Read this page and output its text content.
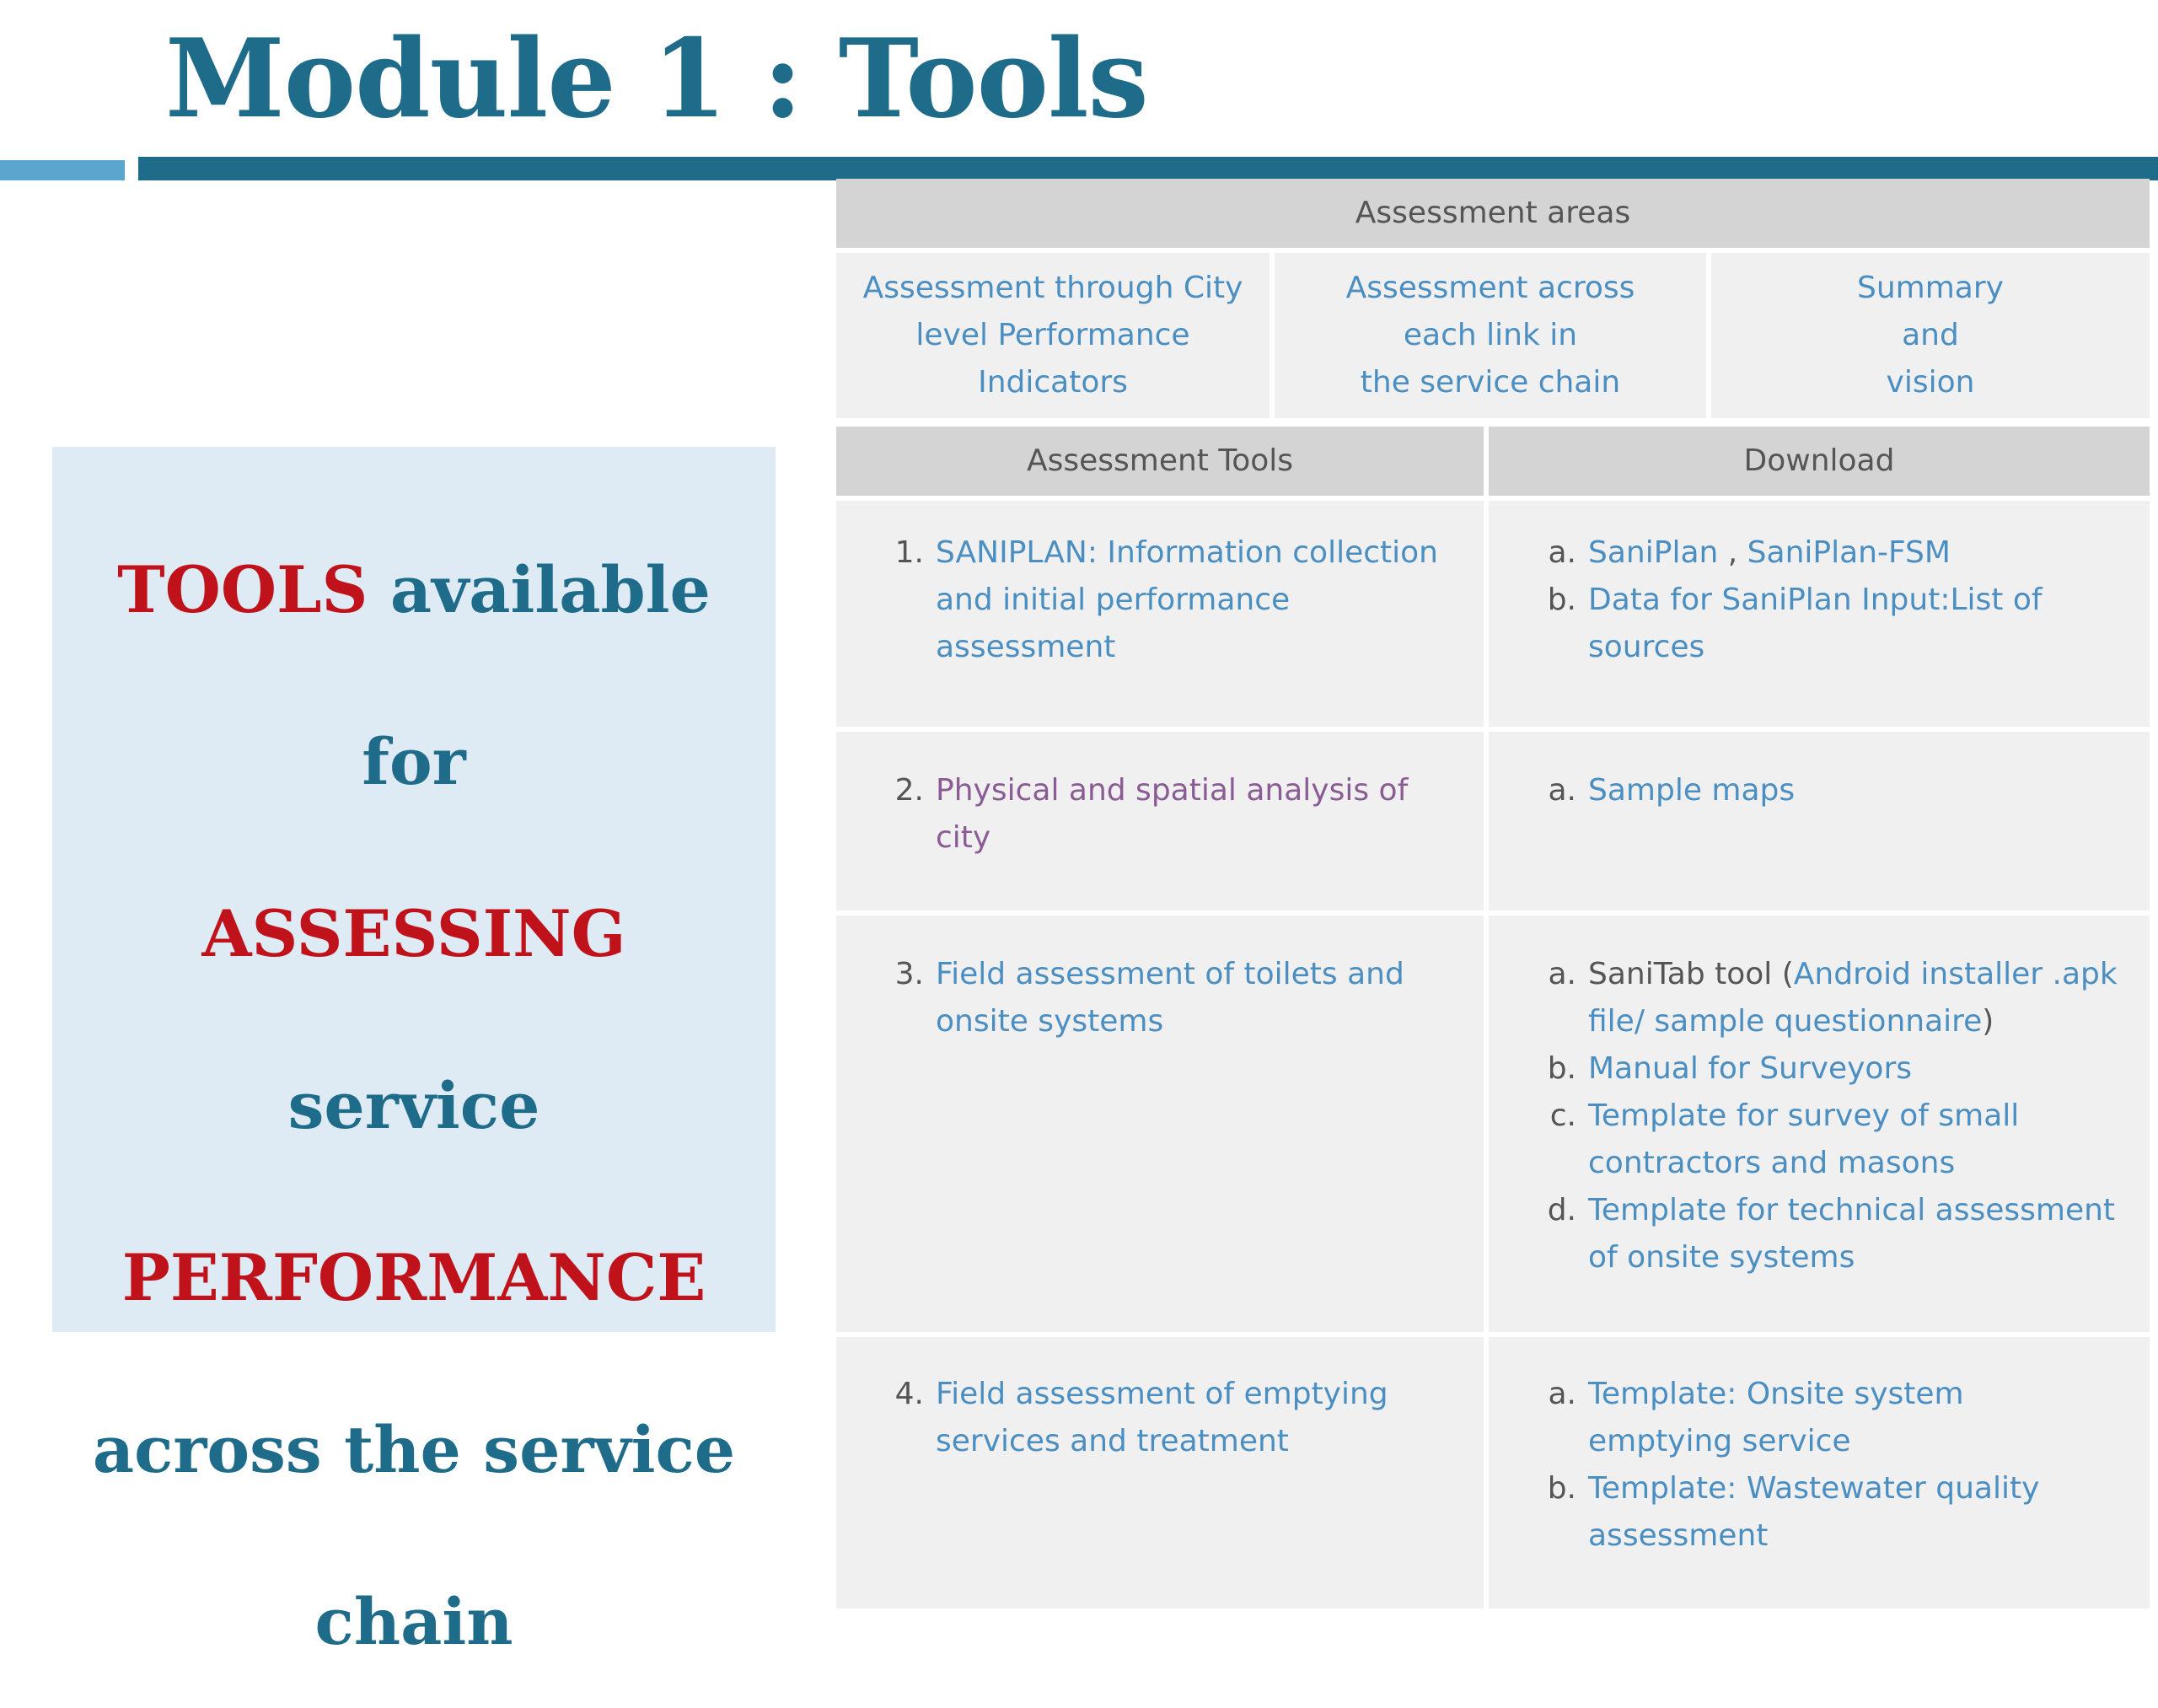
Module 1 : Tools
TOOLS available for
ASSESSING service
PERFORMANCE
across the service
chain
Assessment areas
Assessment through City
level Performance
Indicators
Assessment across
each link in
the service chain
Summary
and
vision
Assessment Tools	Download
1. SANIPLAN: Information collection and initial performance assessment
a. SaniPlan , SaniPlan-FSM
b. Data for SaniPlan Input:List of sources
2. Physical and spatial analysis of city
a. Sample maps
3. Field assessment of toilets and onsite systems
a. SaniTab tool (Android installer .apk file/ sample questionnaire)
b. Manual for Surveyors
c. Template for survey of small contractors and masons
d. Template for technical assessment of onsite systems
4. Field assessment of emptying services and treatment
a. Template: Onsite system emptying service
b. Template: Wastewater quality assessment
